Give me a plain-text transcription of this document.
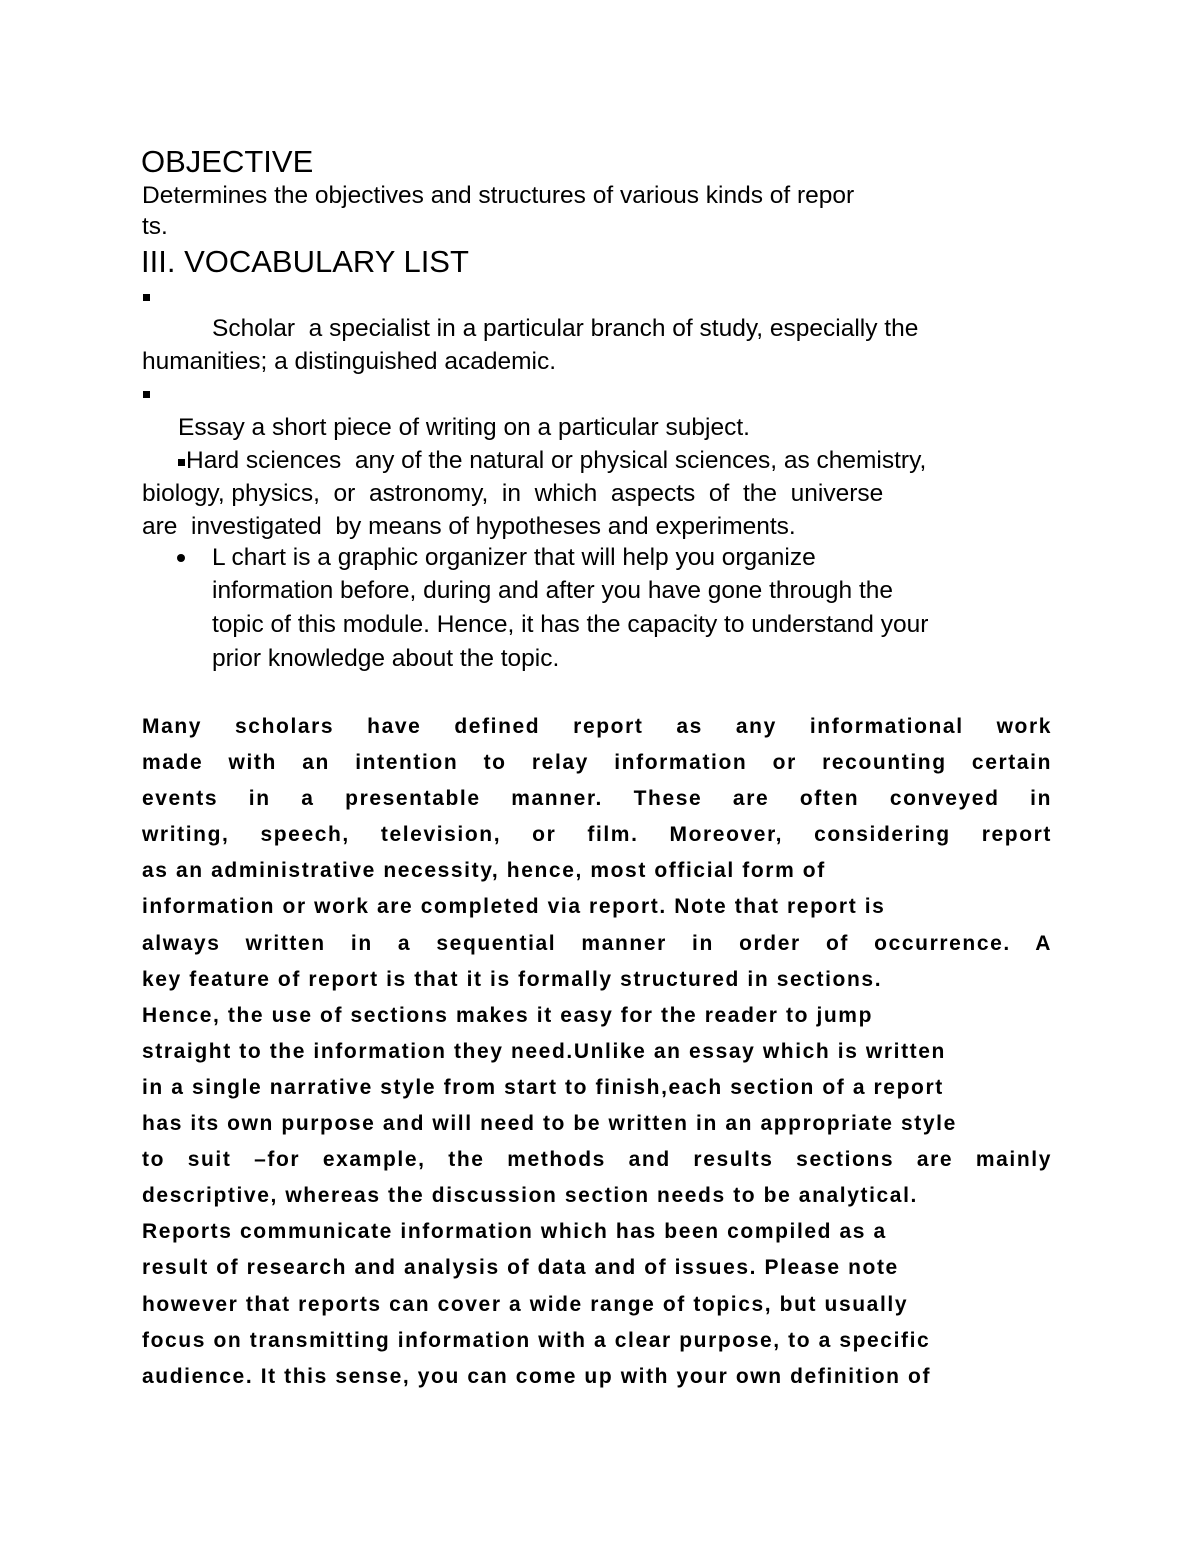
OBJECTIVE
Determines the objectives and structures of various kinds of repor
ts.
III. VOCABULARY LIST
Scholar  a specialist in a particular branch of study, especially the
humanities; a distinguished academic.
Essay a short piece of writing on a particular subject.
Hard sciences  any of the natural or physical sciences, as chemistry,
biology, physics,  or  astronomy,  in  which  aspects  of  the  universe
are  investigated  by means of hypotheses and experiments.
L chart is a graphic organizer that will help you organize
information before, during and after you have gone through the
topic of this module. Hence, it has the capacity to understand your
prior knowledge about the topic.
Many scholars have defined report as any informational work
made with an intention to relay information or recounting certain
events in a presentable manner. These are often conveyed in
writing, speech, television, or film. Moreover, considering report
as an administrative necessity, hence, most official form of
information or work are completed via report. Note that report is
always written in a sequential manner in order of occurrence. A
key feature of report is that it is formally structured in sections.
Hence, the use of sections makes it easy for the reader to jump
straight to the information they need.Unlike an essay which is written
in a single narrative style from start to finish,each section of a report
has its own purpose and will need to be written in an appropriate style
to suit –for example, the methods and results sections are mainly
descriptive, whereas the discussion section needs to be analytical.
Reports communicate information which has been compiled as a
result of research and analysis of data and of issues. Please note
however that reports can cover a wide range of topics, but usually
focus on transmitting information with a clear purpose, to a specific
audience. It this sense, you can come up with your own definition of
